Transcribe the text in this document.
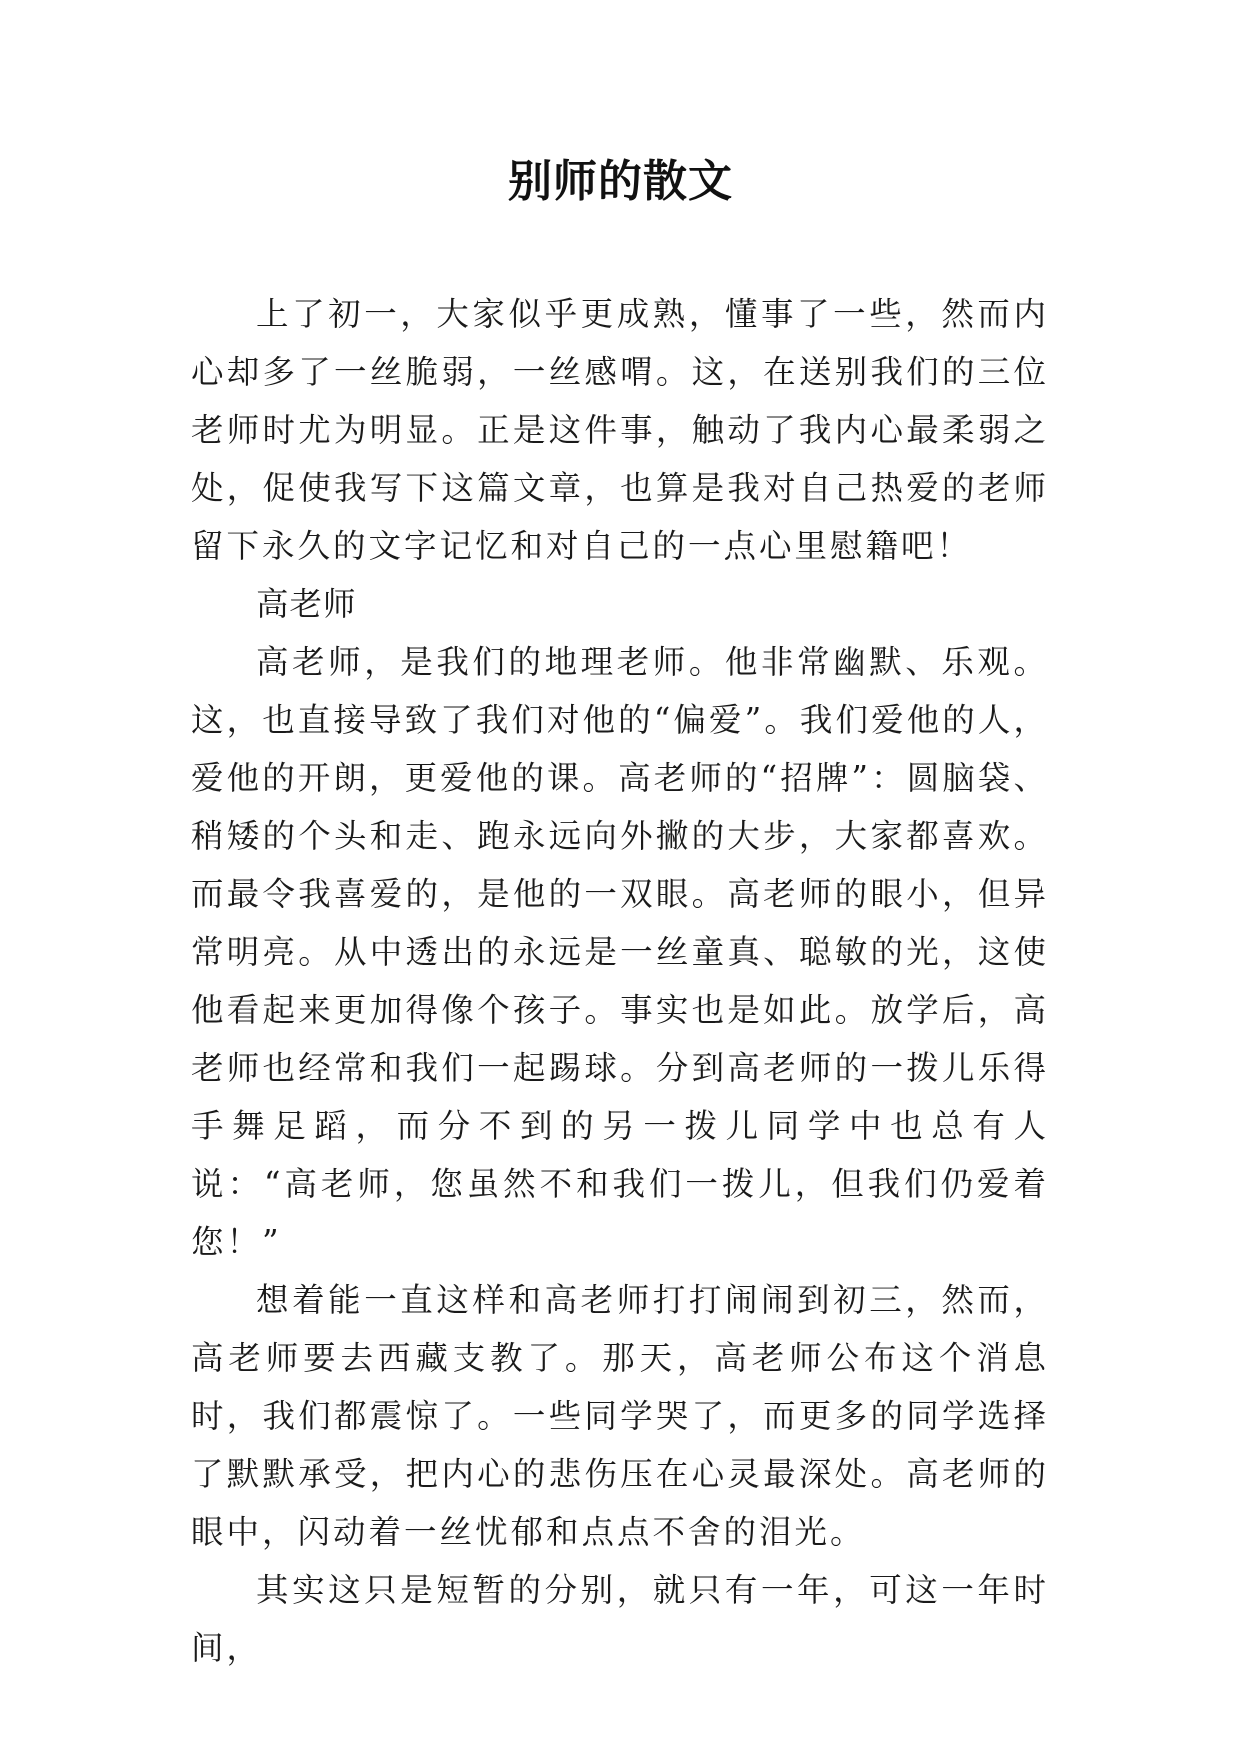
别师的散文

上了初一，大家似乎更成熟，懂事了一些，然而内心却多了一丝脆弱，一丝感喟。这，在送别我们的三位老师时尤为明显。正是这件事，触动了我内心最柔弱之处，促使我写下这篇文章，也算是我对自己热爱的老师留下永久的文字记忆和对自己的一点心里慰籍吧！

高老师

高老师，是我们的地理老师。他非常幽默、乐观。这，也直接导致了我们对他的“偏爱”。我们爱他的人，爱他的开朗，更爱他的课。高老师的“招牌”：圆脑袋、稍矮的个头和走、跑永远向外撇的大步，大家都喜欢。而最令我喜爱的，是他的一双眼。高老师的眼小，但异常明亮。从中透出的永远是一丝童真、聪敏的光，这使他看起来更加得像个孩子。事实也是如此。放学后，高老师也经常和我们一起踢球。分到高老师的一拨儿乐得手舞足蹈，而分不到的另一拨儿同学中也总有人说：“高老师，您虽然不和我们一拨儿，但我们仍爱着您！”

想着能一直这样和高老师打打闹闹到初三，然而，高老师要去西藏支教了。那天，高老师公布这个消息时，我们都震惊了。一些同学哭了，而更多的同学选择了默默承受，把内心的悲伤压在心灵最深处。高老师的眼中，闪动着一丝忧郁和点点不舍的泪光。

其实这只是短暂的分别，就只有一年，可这一年时间，
